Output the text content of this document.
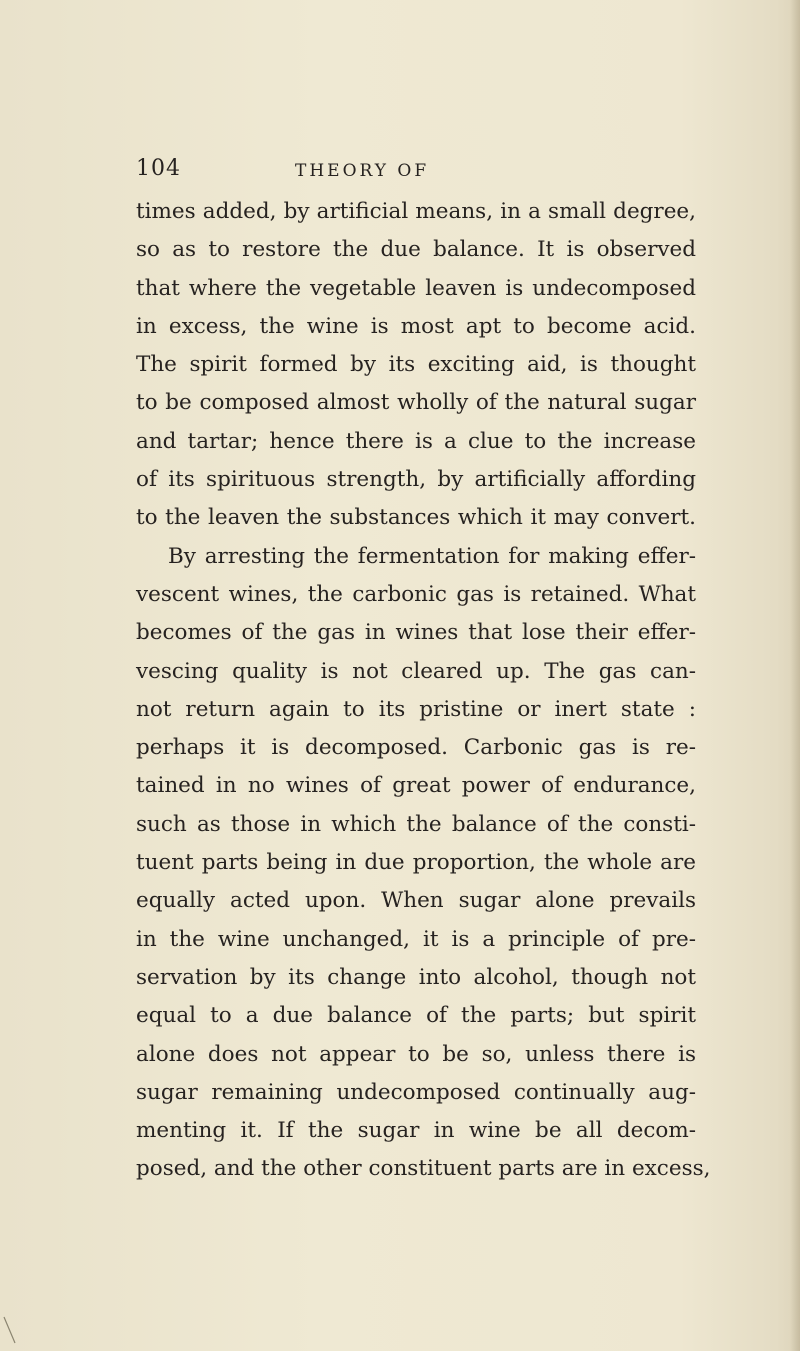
104	THEORY OF
times added, by artificial means, in a small degree,
so as to restore the due balance. It is observed
that where the vegetable leaven is undecomposed
in excess, the wine is most apt to become acid.
The spirit formed by its exciting aid, is thought
to be composed almost wholly of the natural sugar
and tartar; hence there is a clue to the increase
of its spirituous strength, by artificially affording
to the leaven the substances which it may convert.
By arresting the fermentation for making effer-
vescent wines, the carbonic gas is retained. What
becomes of the gas in wines that lose their effer-
vescing quality is not cleared up. The gas can-
not return again to its pristine or inert state :
perhaps it is decomposed. Carbonic gas is re-
tained in no wines of great power of endurance,
such as those in which the balance of the consti-
tuent parts being in due proportion, the whole are
equally acted upon. When sugar alone prevails
in the wine unchanged, it is a principle of pre-
servation by its change into alcohol, though not
equal to a due balance of the parts; but spirit
alone does not appear to be so, unless there is
sugar remaining undecomposed continually aug-
menting it. If the sugar in wine be all decom-
posed, and the other constituent parts are in excess,
